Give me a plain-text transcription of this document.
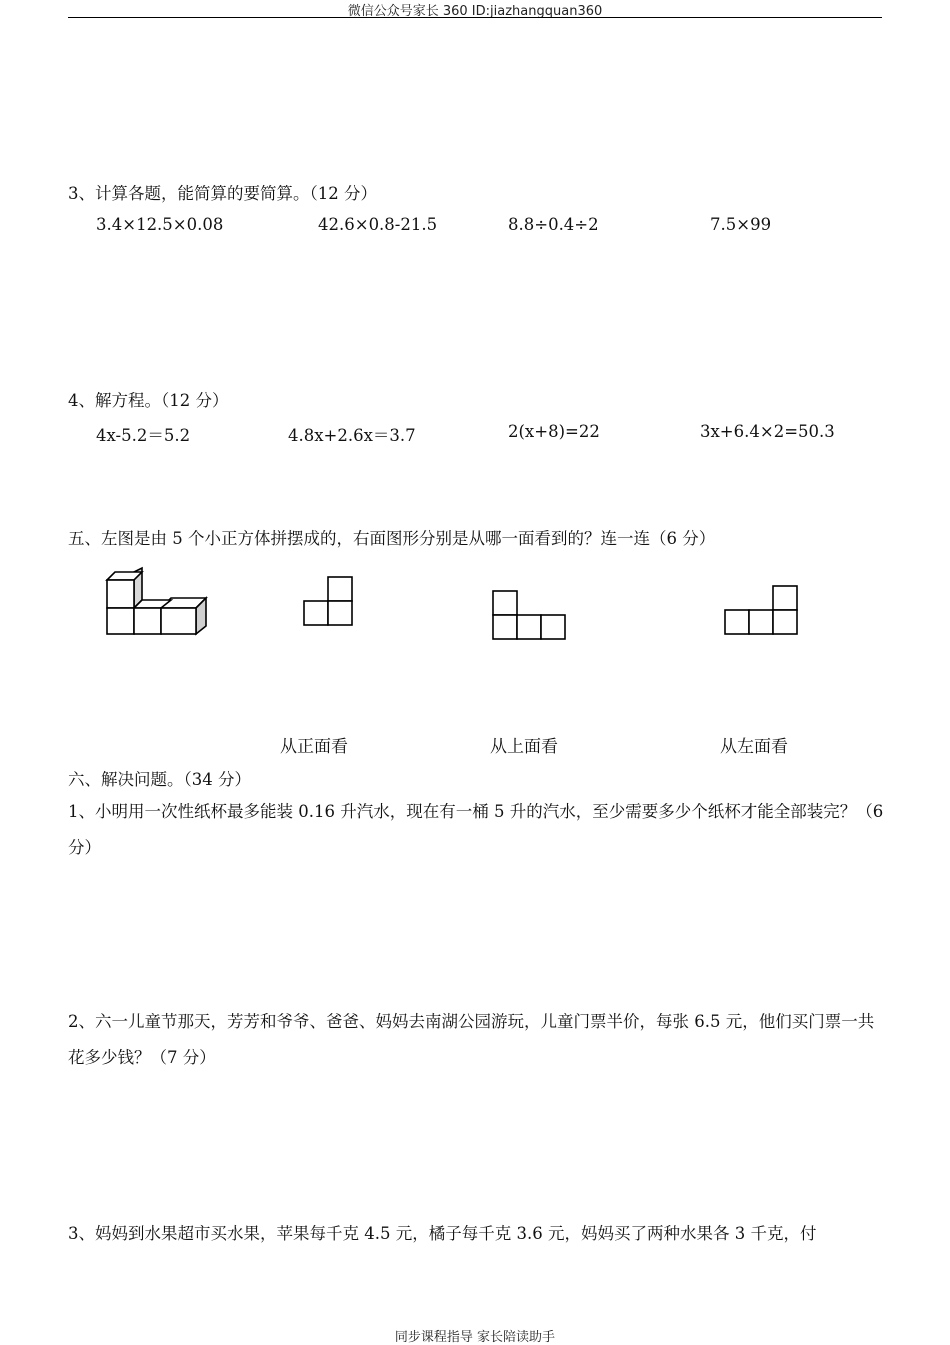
微信公众号家长 360 ID:jiazhangquan360
3、计算各题，能简算的要简算。（12 分）
3.4×12.5×0.08	42.6×0.8-21.5	8.8÷0.4÷2	7.5×99
4、解方程。（12 分）
4x-5.2＝5.2	4.8x+2.6x＝3.7	2(x+8)=22	3x+6.4×2=50.3
五、左图是由 5 个小正方体拼摆成的，右面图形分别是从哪一面看到的？连一连（6 分）
从正面看	从上面看	从左面看
六、解决问题。（34 分）
1、小明用一次性纸杯最多能装 0.16 升汽水，现在有一桶 5 升的汽水，至少需要多少个纸杯才能全部装完？（6 分）
2、六一儿童节那天，芳芳和爷爷、爸爸、妈妈去南湖公园游玩，儿童门票半价，每张 6.5 元，他们买门票一共花多少钱？（7 分）
3、妈妈到水果超市买水果，苹果每千克 4.5 元，橘子每千克 3.6 元，妈妈买了两种水果各 3 千克，付
同步课程指导 家长陪读助手
